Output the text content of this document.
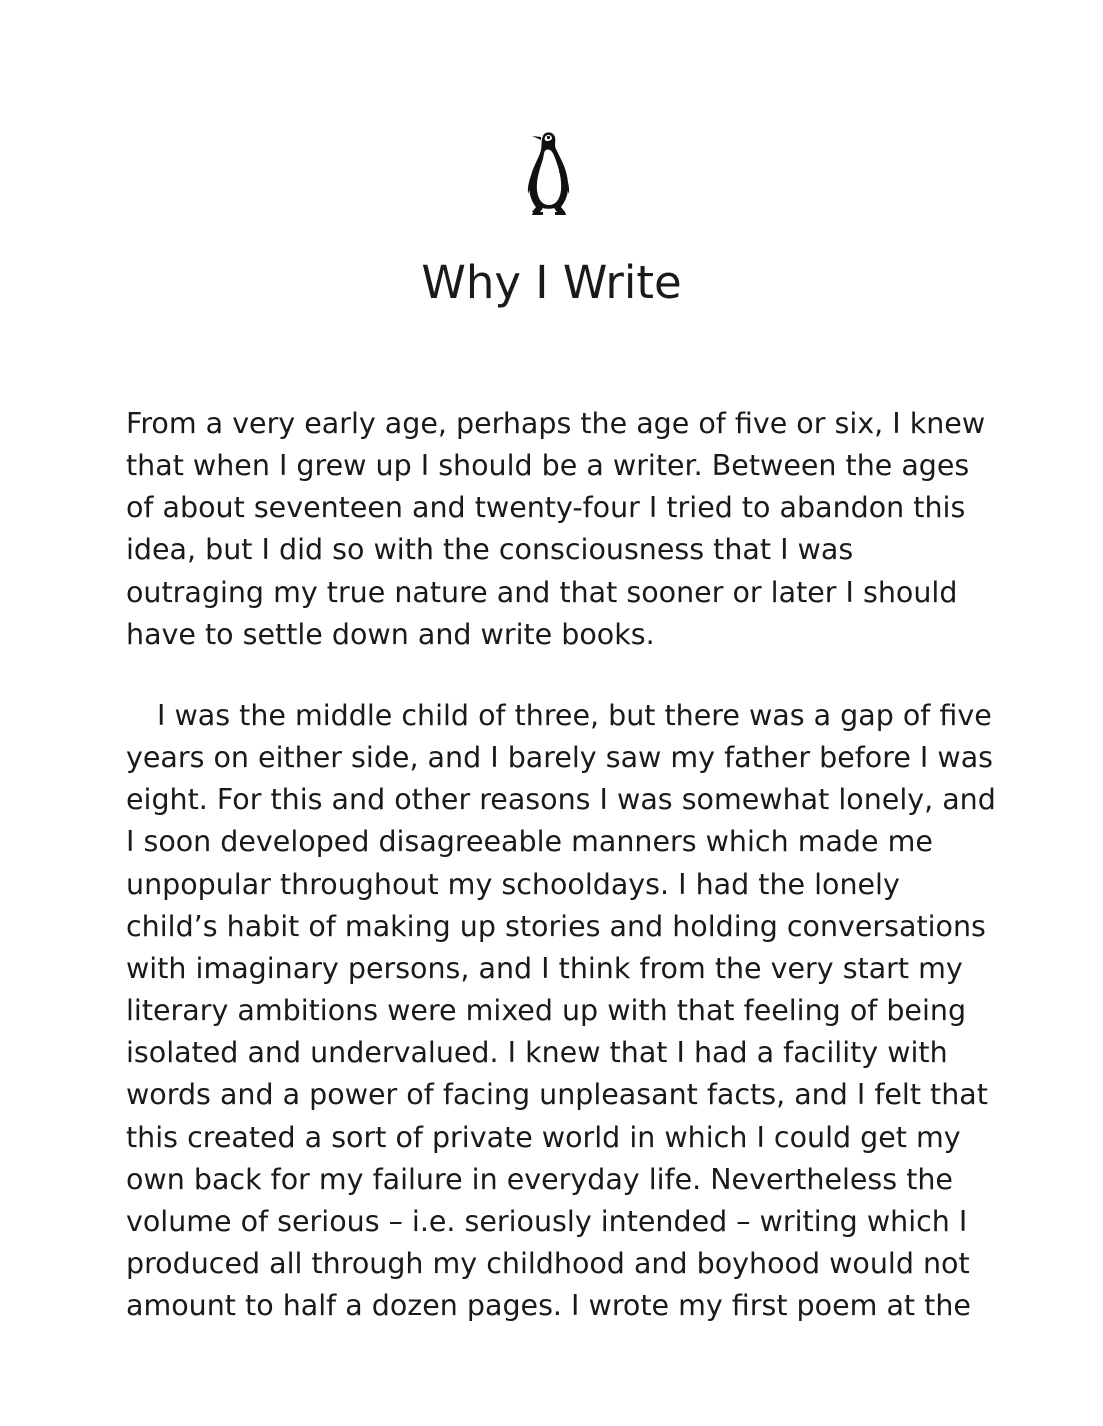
Why I Write

From a very early age, perhaps the age of five or six, I knew
that when I grew up I should be a writer. Between the ages
of about seventeen and twenty-four I tried to abandon this
idea, but I did so with the consciousness that I was
outraging my true nature and that sooner or later I should
have to settle down and write books.

I was the middle child of three, but there was a gap of five
years on either side, and I barely saw my father before I was
eight. For this and other reasons I was somewhat lonely, and
I soon developed disagreeable manners which made me
unpopular throughout my schooldays. I had the lonely
child’s habit of making up stories and holding conversations
with imaginary persons, and I think from the very start my
literary ambitions were mixed up with that feeling of being
isolated and undervalued. I knew that I had a facility with
words and a power of facing unpleasant facts, and I felt that
this created a sort of private world in which I could get my
own back for my failure in everyday life. Nevertheless the
volume of serious – i.e. seriously intended – writing which I
produced all through my childhood and boyhood would not
amount to half a dozen pages. I wrote my first poem at the
